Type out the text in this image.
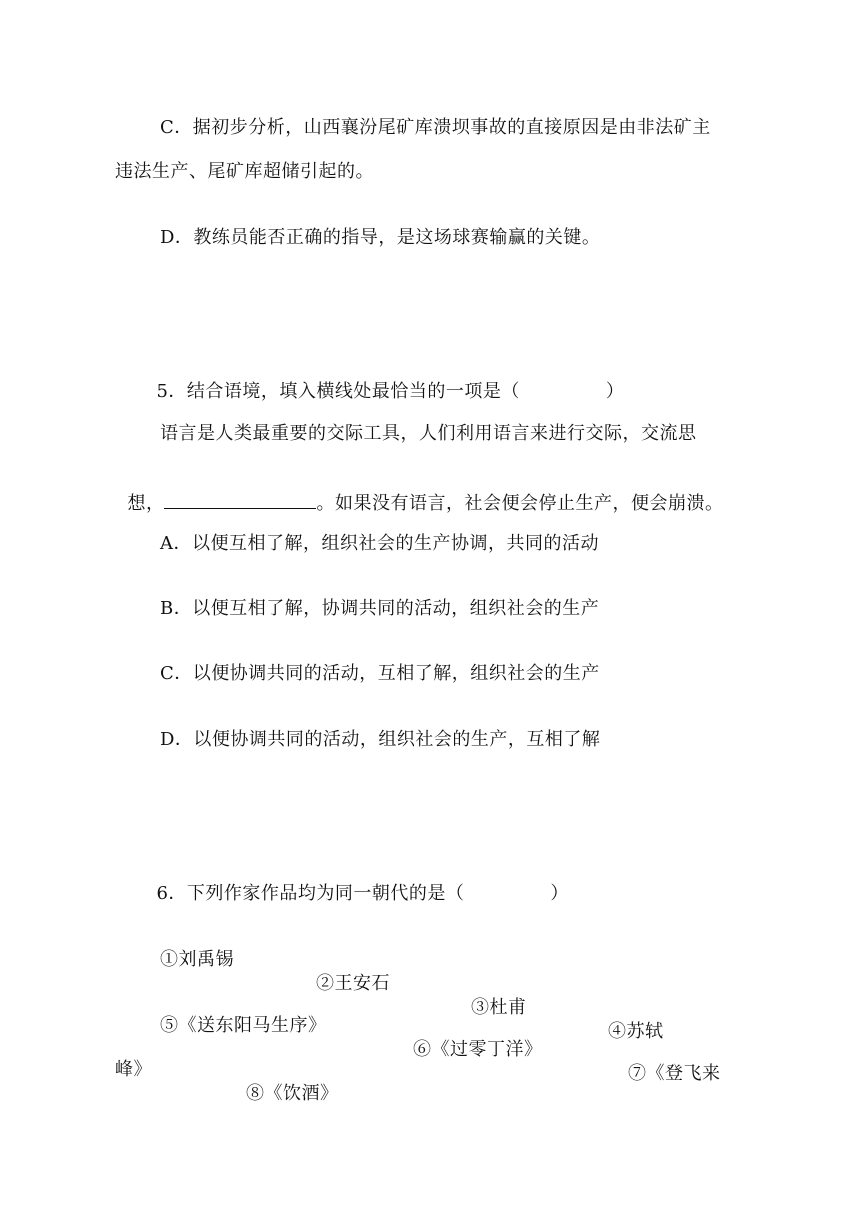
C．据初步分析，山西襄汾尾矿库溃坝事故的直接原因是由非法矿主
违法生产、尾矿库超储引起的。
D．教练员能否正确的指导，是这场球赛输赢的关键。

5．结合语境，填入横线处最恰当的一项是（	）

语言是人类最重要的交际工具，人们利用语言来进行交际，交流思

想，	。如果没有语言，社会便会停止生产，便会崩溃。

A．以便互相了解，组织社会的生产协调，共同的活动
B．以便互相了解，协调共同的活动，组织社会的生产
C．以便协调共同的活动，互相了解，组织社会的生产
D．以便协调共同的活动，组织社会的生产，互相了解

6．下列作家作品均为同一朝代的是（	）

①刘禹锡

②王安石

③杜甫

④苏轼

⑤《送东阳马生序》

⑥《过零丁洋》

⑦《登飞来

峰》

⑧《饮酒》
